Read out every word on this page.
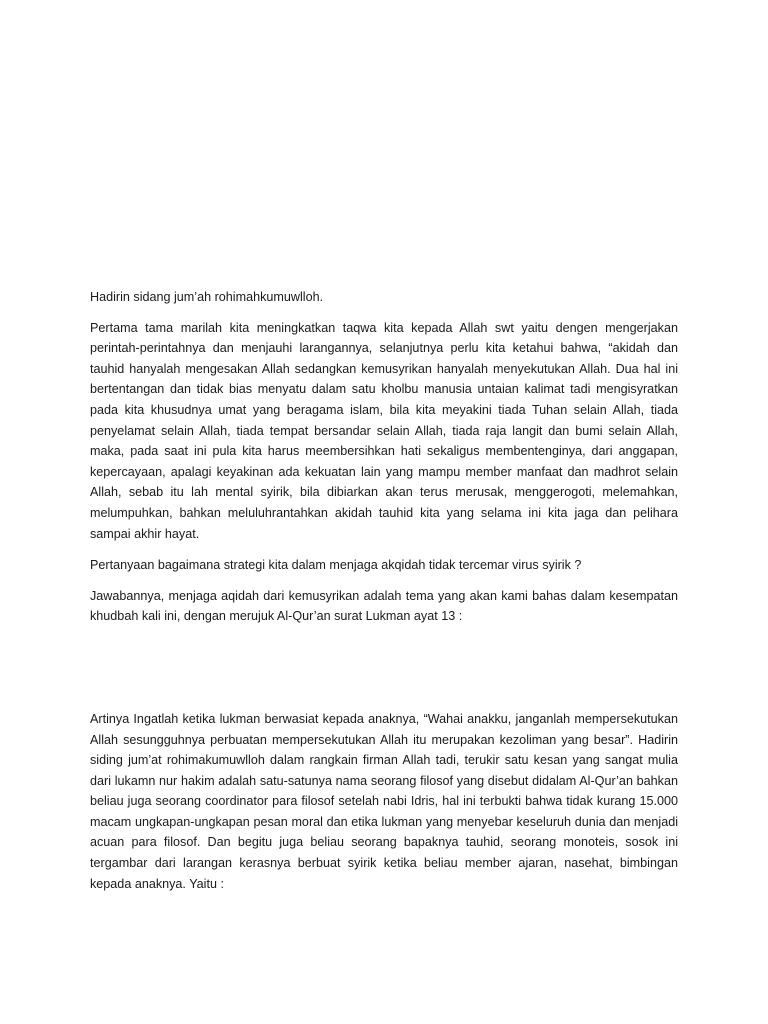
Hadirin sidang jum’ah rohimahkumuwlloh.

Pertama tama marilah kita meningkatkan taqwa kita kepada Allah swt yaitu dengen mengerjakan perintah-perintahnya dan menjauhi larangannya, selanjutnya perlu kita ketahui bahwa, “akidah dan tauhid hanyalah mengesakan Allah sedangkan kemusyrikan hanyalah menyekutukan Allah. Dua hal ini bertentangan dan tidak bias menyatu dalam satu kholbu manusia untaian kalimat tadi mengisyratkan pada kita khusudnya umat yang beragama islam, bila kita meyakini tiada Tuhan selain Allah, tiada penyelamat selain Allah, tiada tempat bersandar selain Allah, tiada raja langit dan bumi selain Allah, maka, pada saat ini pula kita harus meembersihkan hati sekaligus membentenginya, dari anggapan, kepercayaan, apalagi keyakinan ada kekuatan lain yang mampu member manfaat dan madhrot selain Allah, sebab itu lah mental syirik, bila dibiarkan akan terus merusak, menggerogoti, melemahkan, melumpuhkan, bahkan meluluhrantahkan akidah tauhid kita yang selama ini kita jaga dan pelihara sampai akhir hayat.

Pertanyaan bagaimana strategi kita dalam menjaga akqidah tidak tercemar virus syirik ?

Jawabannya, menjaga aqidah dari kemusyrikan adalah tema yang akan kami bahas dalam kesempatan khudbah kali ini, dengan merujuk Al-Qur’an surat Lukman ayat 13 :

Artinya Ingatlah ketika lukman berwasiat kepada anaknya, “Wahai anakku, janganlah mempersekutukan Allah sesungguhnya perbuatan mempersekutukan Allah itu merupakan kezoliman yang besar”. Hadirin siding jum’at rohimakumuwlloh dalam rangkain firman Allah tadi, terukir satu kesan yang sangat mulia dari lukamn nur hakim adalah satu-satunya nama seorang filosof yang disebut didalam Al-Qur’an bahkan beliau juga seorang coordinator para filosof setelah nabi Idris, hal ini terbukti bahwa tidak kurang 15.000 macam ungkapan-ungkapan pesan moral dan etika lukman yang menyebar keseluruh dunia dan menjadi acuan para filosof. Dan begitu juga beliau seorang bapaknya tauhid, seorang monoteis, sosok ini tergambar dari larangan kerasnya berbuat syirik ketika beliau member ajaran, nasehat, bimbingan kepada anaknya. Yaitu :
